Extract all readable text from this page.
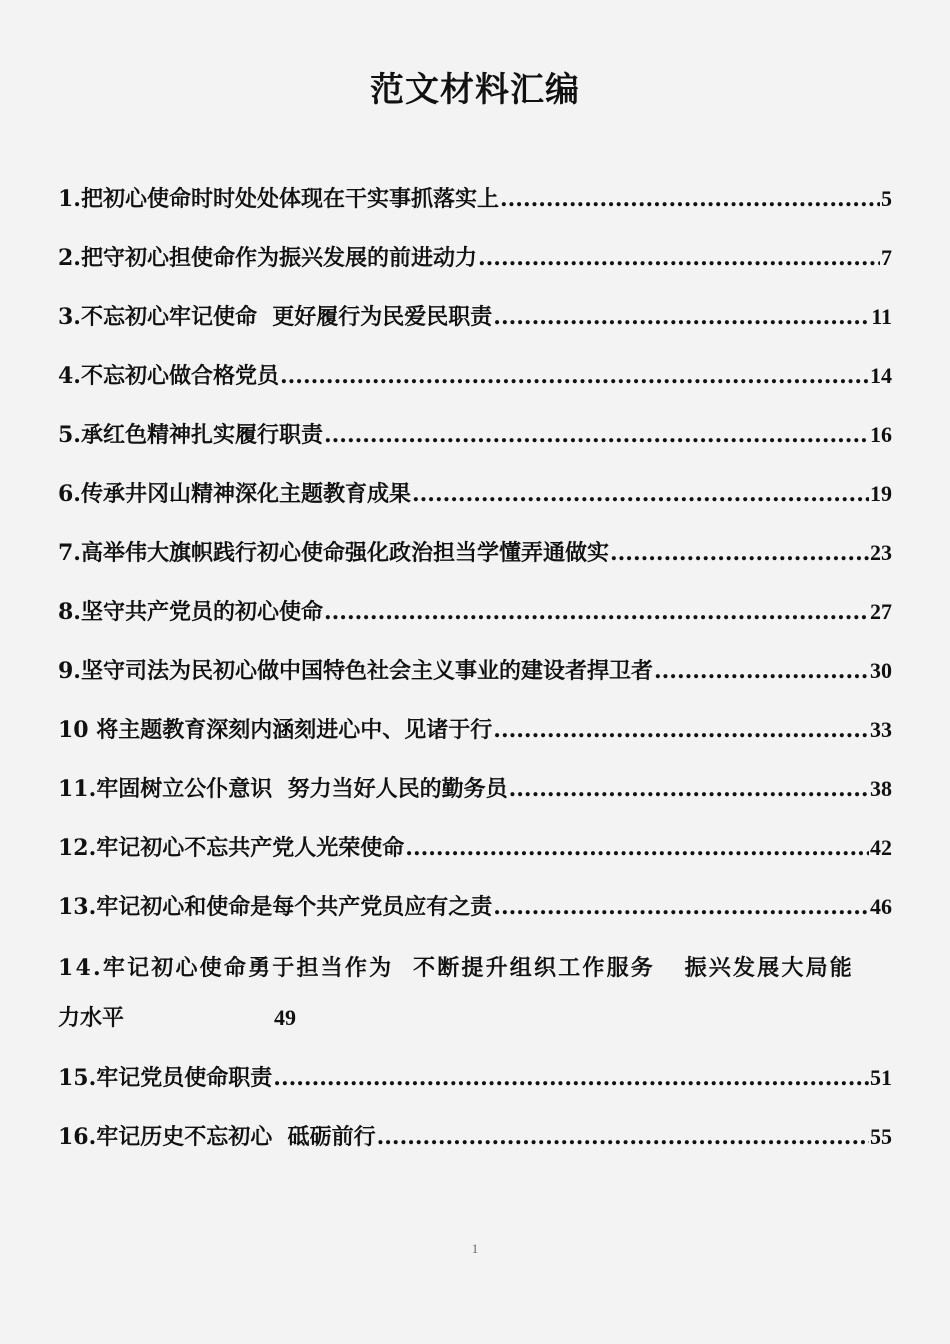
范文材料汇编
1.把初心使命时时处处体现在干实事抓落实上 .....	5
2.把守初心担使命作为振兴发展的前进动力 .....	7
3.不忘初心牢记使命  更好履行为民爱民职责 .....	11
4.不忘初心做合格党员 .....	14
5.承红色精神扎实履行职责 .....	16
6.传承井冈山精神深化主题教育成果 .....	19
7.高举伟大旗帜践行初心使命强化政治担当学懂弄通做实 .....	23
8.坚守共产党员的初心使命 .....	27
9.坚守司法为民初心做中国特色社会主义事业的建设者捍卫者 .....	30
10 将主题教育深刻内涵刻进心中、见诸于行 .....	33
11.牢固树立公仆意识  努力当好人民的勤务员 .....	38
12.牢记初心不忘共产党人光荣使命 .....	42
13.牢记初心和使命是每个共产党员应有之责 .....	46
14.牢记初心使命勇于担当作为  不断提升组织工作服务   振兴发展大局能
力水平	49
15.牢记党员使命职责 .....	51
16.牢记历史不忘初心  砥砺前行 .....	55
1
